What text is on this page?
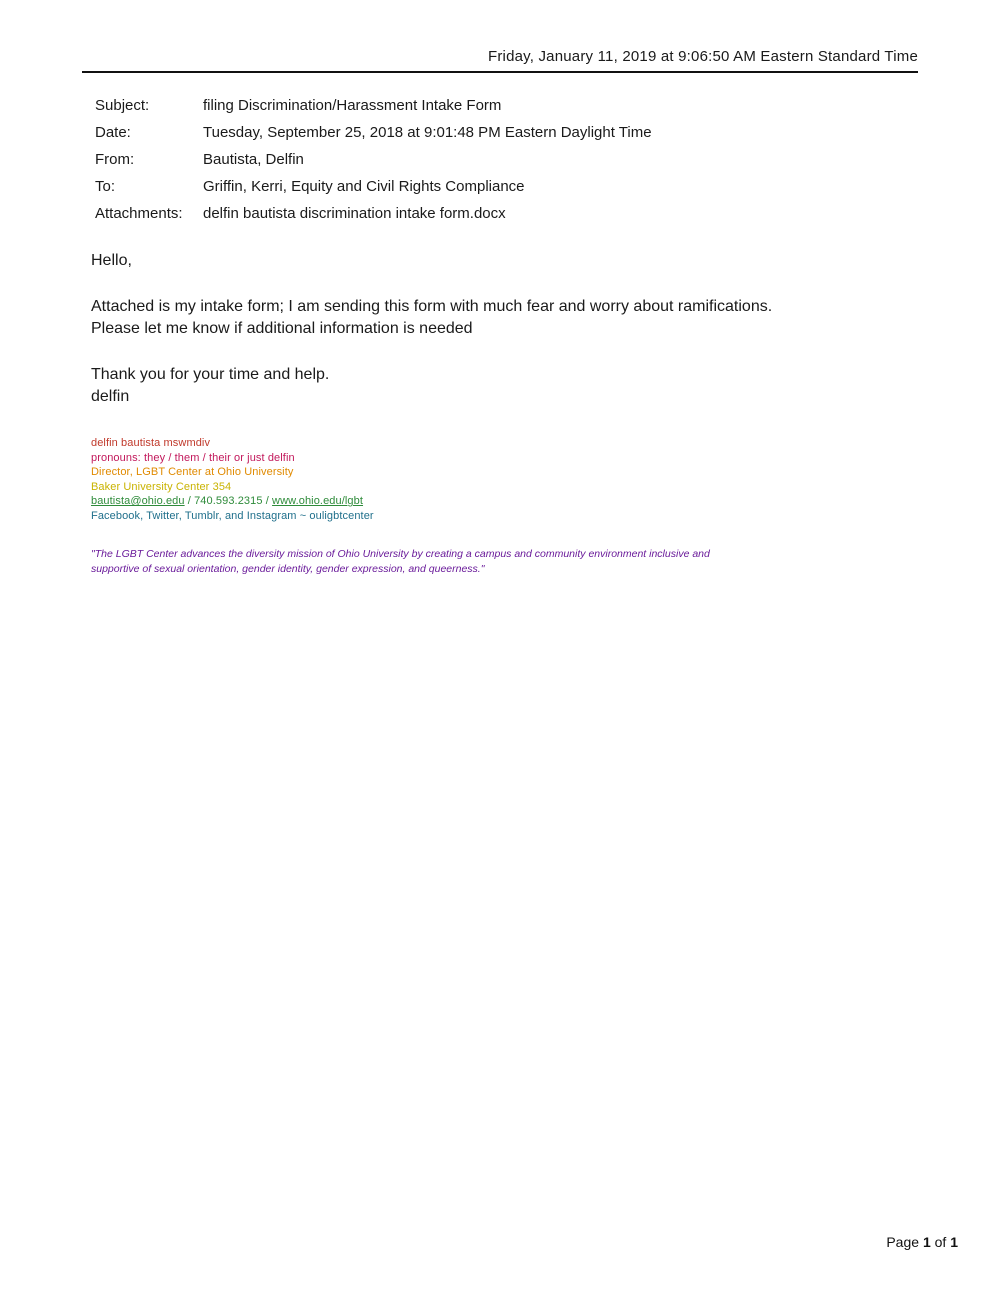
Friday, January 11, 2019 at 9:06:50 AM Eastern Standard Time
Subject:	filing Discrimination/Harassment Intake Form
Date:	Tuesday, September 25, 2018 at 9:01:48 PM Eastern Daylight Time
From:	Bautista, Delfin
To:	Griffin, Kerri, Equity and Civil Rights Compliance
Attachments:	delfin bautista discrimination intake form.docx

Hello,

Attached is my intake form; I am sending this form with much fear and worry about ramifications.
Please let me know if additional information is needed

Thank you for your time and help.
delfin

delfin bautista mswmdiv
pronouns: they / them / their or just delfin
Director, LGBT Center at Ohio University
Baker University Center 354
bautista@ohio.edu / 740.593.2315 / www.ohio.edu/lgbt
Facebook, Twitter, Tumblr, and Instagram ~ ouligbtcenter
"The LGBT Center advances the diversity mission of Ohio University by creating a campus and community environment inclusive and
supportive of sexual orientation, gender identity, gender expression, and queerness."
Page 1 of 1
